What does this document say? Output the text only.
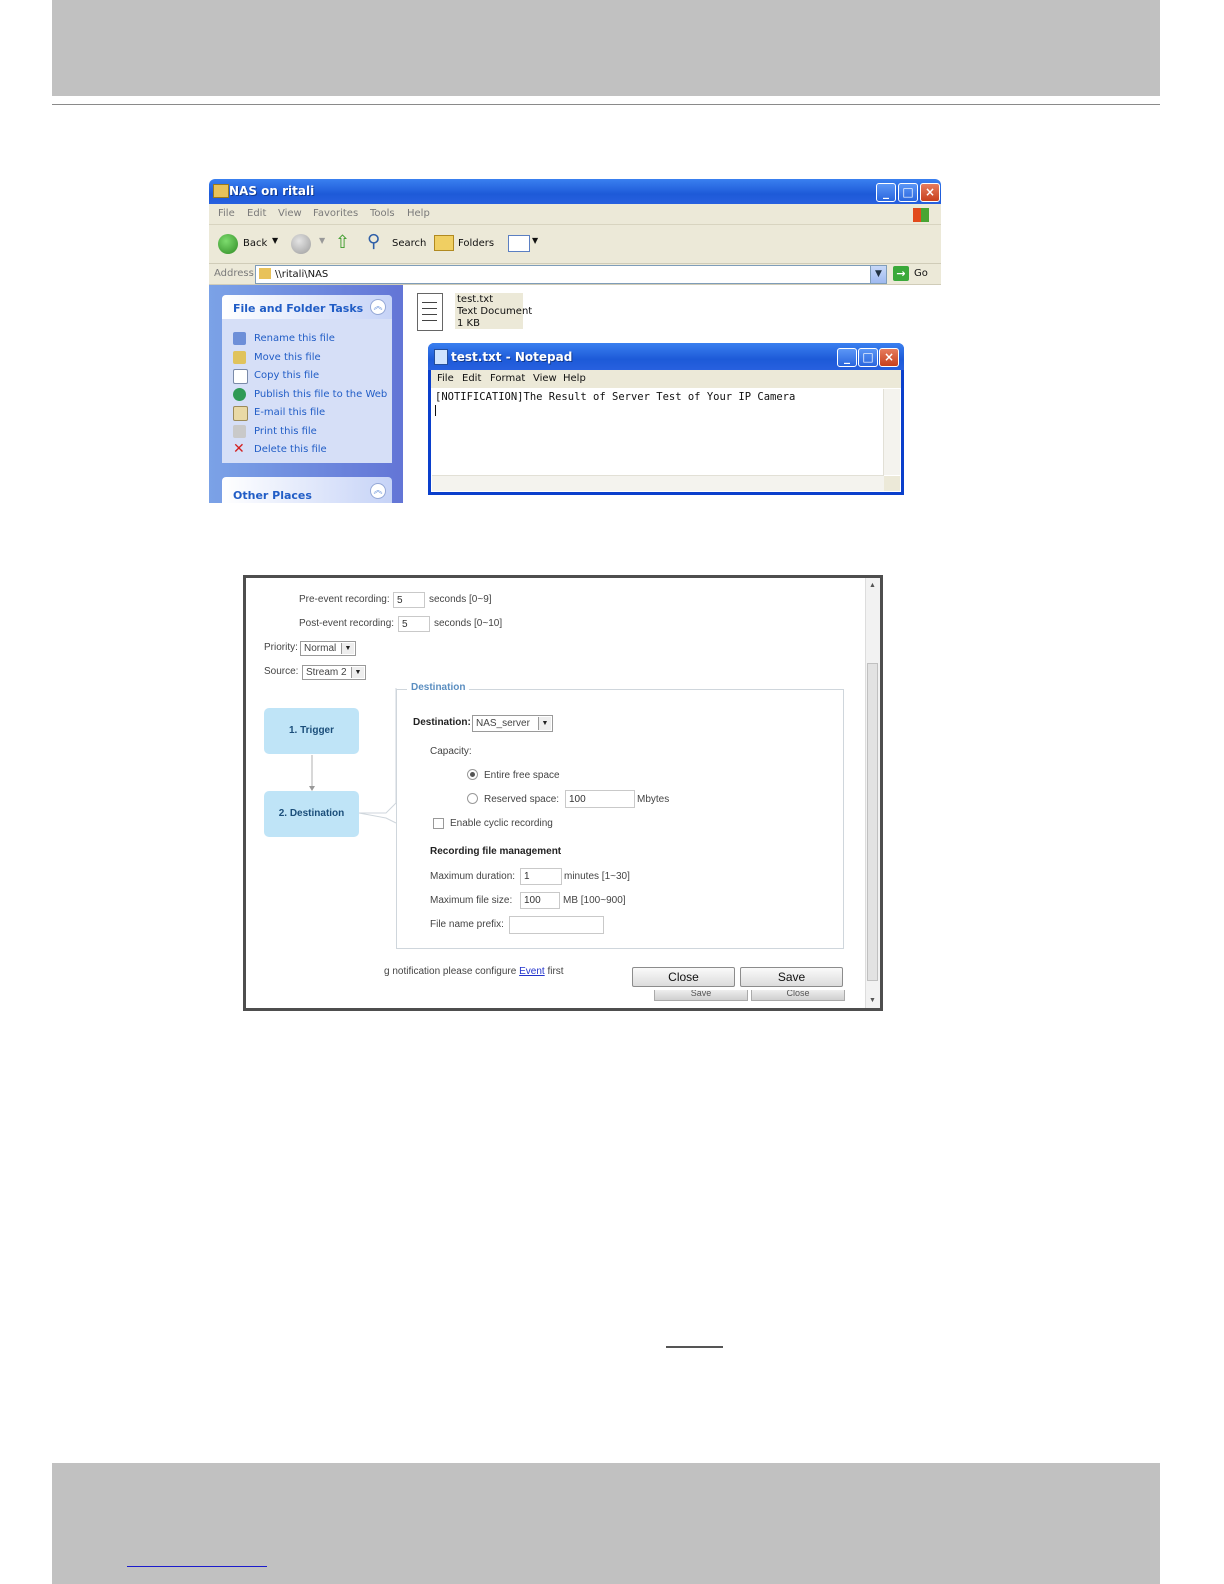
NAS on ritali	_	□ ×
File Edit View Favorites Tools Help
Back ▼	▼ ⇧ ⚲ Search	Folders	▼
Address \\ritali\NAS	▼	→ Go
File and Folder Tasks	︽
Rename this file
Move this file
Copy this file
Publish this file to the Web
E-mail this file
Print this file
✕ Delete this file
Other Places	︽
test.txt
Text Document
1 KB
test.txt - Notepad	_	□ ×
File Edit Format View Help
[NOTIFICATION]The Result of Server Test of Your IP Camera
Pre-event recording: 5	seconds [0~9]
Post-event recording: 5	seconds [0~10]
Priority: Normal	▼
Source: Stream 2	▼
1. Trigger
2. Destination
Destination
Destination: NAS_server	▼
Capacity:
Entire free space
Reserved space: 100	Mbytes
Enable cyclic recording
Recording file management
Maximum duration: 1	minutes [1~30]
Maximum file size:	100	MB [100~900]
File name prefix:
g notification please configure Event first
Save	Close
Close	Save
▲
▼
